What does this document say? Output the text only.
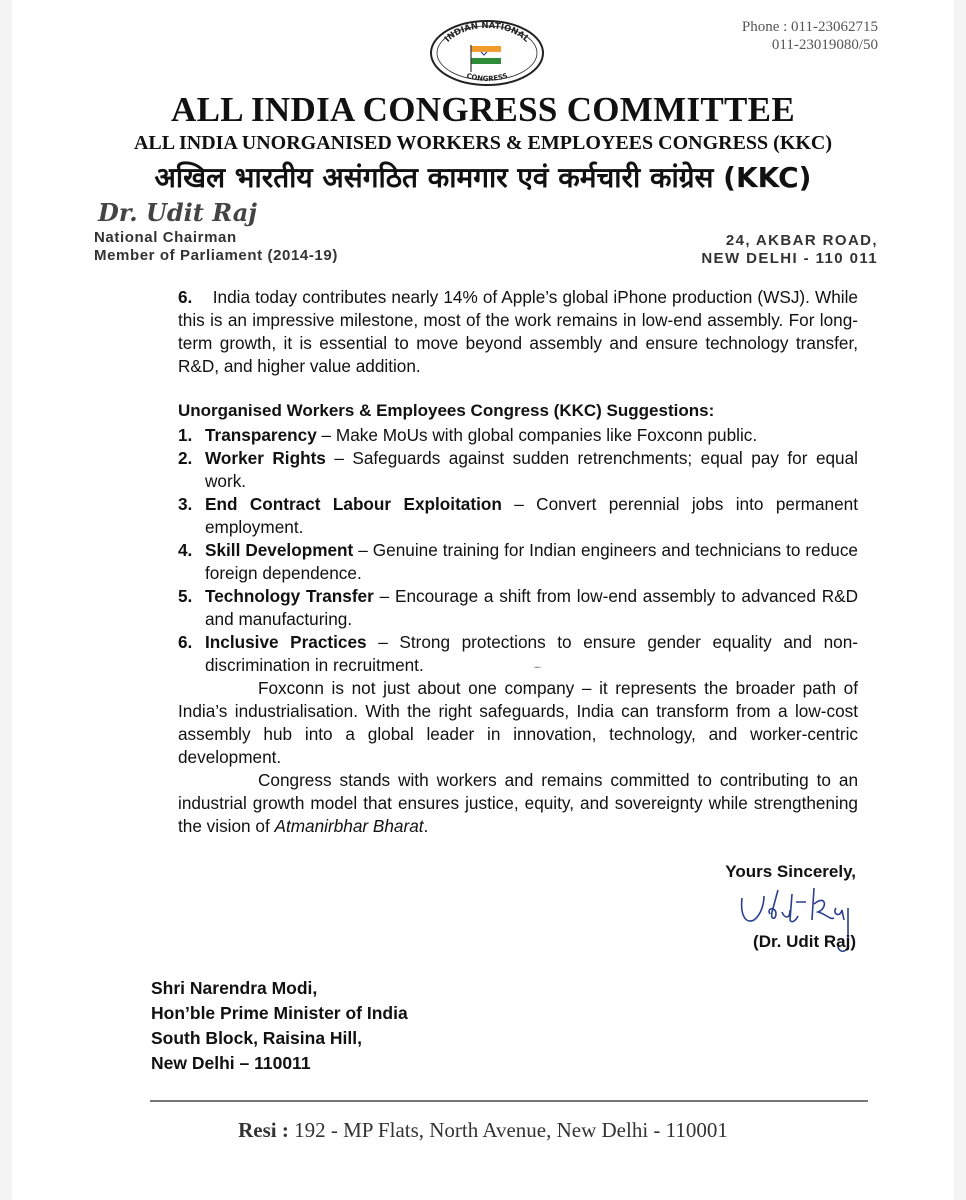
INDIAN NATIONAL
CONGRESS
Phone : 011-23062715
011-23019080/50
ALL INDIA CONGRESS COMMITTEE
ALL INDIA UNORGANISED WORKERS & EMPLOYEES CONGRESS (KKC)
अखिल भारतीय असंगठित कामगार एवं कर्मचारी कांग्रेस (KKC)
Dr. Udit Raj
National Chairman
Member of Parliament (2014-19)
24, AKBAR ROAD,
NEW DELHI - 110 011
6. India today contributes nearly 14% of Apple’s global iPhone production (WSJ). While this is an impressive milestone, most of the work remains in low-end assembly. For long-term growth, it is essential to move beyond assembly and ensure technology transfer, R&D, and higher value addition.
Unorganised Workers & Employees Congress (KKC) Suggestions:
1. Transparency – Make MoUs with global companies like Foxconn public.
2. Worker Rights – Safeguards against sudden retrenchments; equal pay for equal work.
3. End Contract Labour Exploitation – Convert perennial jobs into permanent employment.
4. Skill Development – Genuine training for Indian engineers and technicians to reduce foreign dependence.
5. Technology Transfer – Encourage a shift from low-end assembly to advanced R&D and manufacturing.
6. Inclusive Practices – Strong protections to ensure gender equality and non-discrimination in recruitment.

Foxconn is not just about one company – it represents the broader path of India’s industrialisation. With the right safeguards, India can transform from a low-cost assembly hub into a global leader in innovation, technology, and worker-centric development.

Congress stands with workers and remains committed to contributing to an industrial growth model that ensures justice, equity, and sovereignty while strengthening the vision of Atmanirbhar Bharat.

Yours Sincerely,
UditRaj
(Dr. Udit Raj)
Shri Narendra Modi,
Hon’ble Prime Minister of India
South Block, Raisina Hill,
New Delhi – 110011
Resi : 192 - MP Flats, North Avenue, New Delhi - 110001
